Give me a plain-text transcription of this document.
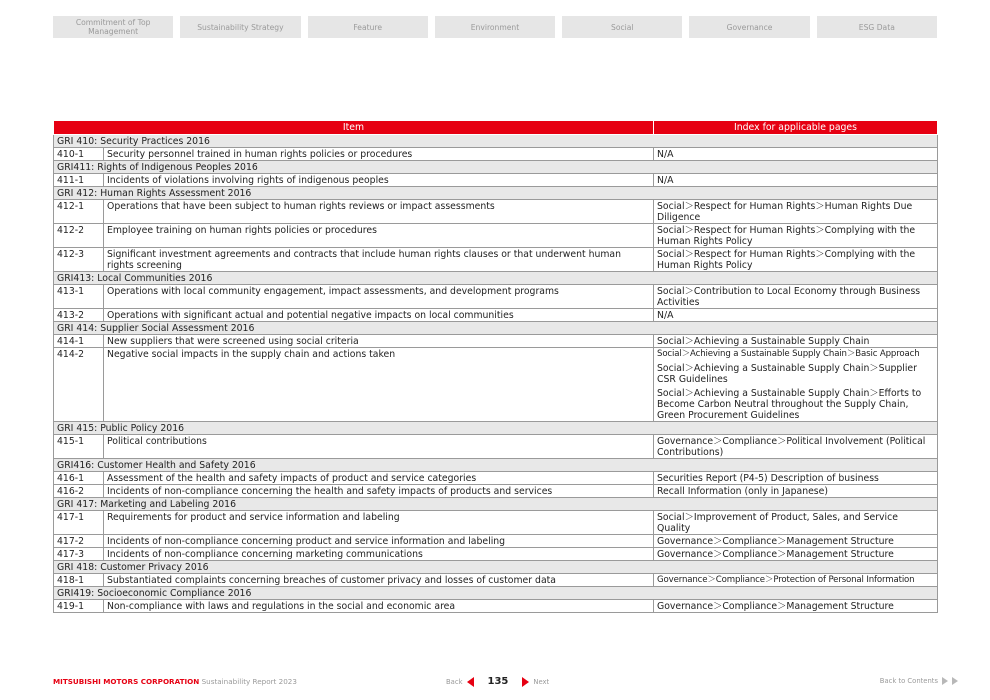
Commitment of Top Management	Sustainability Strategy	Feature	Environment	Social	Governance	ESG Data
Item		Index for applicable pages
GRI 410: Security Practices 2016		
410-1	Security personnel trained in human rights policies or procedures	N/A

GRI411: Rights of Indigenous Peoples 2016		
411-1	Incidents of violations involving rights of indigenous peoples	N/A

GRI 412: Human Rights Assessment 2016		
412-1	Operations that have been subject to human rights reviews or impact assessments	Social＞Respect for Human Rights＞Human Rights Due Diligence

412-2	Employee training on human rights policies or procedures	Social＞Respect for Human Rights＞Complying with the Human Rights Policy

412-3	Significant investment agreements and contracts that include human rights clauses or that underwent human rights screening	Social＞Respect for Human Rights＞Complying with the Human Rights Policy

GRI413: Local Communities 2016		
413-1	Operations with local community engagement, impact assessments, and development programs	Social＞Contribution to Local Economy through Business Activities

413-2	Operations with significant actual and potential negative impacts on local communities	N/A

GRI 414: Supplier Social Assessment 2016		
414-1	New suppliers that were screened using social criteria	Social＞Achieving a Sustainable Supply Chain

414-2	Negative social impacts in the supply chain and actions taken	Social＞Achieving a Sustainable Supply Chain＞Basic Approach
Social＞Achieving a Sustainable Supply Chain＞Supplier CSR Guidelines
Social＞Achieving a Sustainable Supply Chain＞Efforts to Become Carbon Neutral throughout the Supply Chain, Green Procurement Guidelines

GRI 415: Public Policy 2016		
415-1	Political contributions	Governance＞Compliance＞Political Involvement (Political Contributions)

GRI416: Customer Health and Safety 2016		
416-1	Assessment of the health and safety impacts of product and service categories	Securities Report (P4-5) Description of business

416-2	Incidents of non-compliance concerning the health and safety impacts of products and services	Recall Information (only in Japanese)

GRI 417: Marketing and Labeling 2016		
417-1	Requirements for product and service information and labeling	Social＞Improvement of Product, Sales, and Service Quality

417-2	Incidents of non-compliance concerning product and service information and labeling	Governance＞Compliance＞Management Structure

417-3	Incidents of non-compliance concerning marketing communications	Governance＞Compliance＞Management Structure

GRI 418: Customer Privacy 2016		
418-1	Substantiated complaints concerning breaches of customer privacy and losses of customer data	Governance＞Compliance＞Protection of Personal Information

GRI419: Socioeconomic Compliance 2016		
419-1	Non-compliance with laws and regulations in the social and economic area	Governance＞Compliance＞Management Structure
MITSUBISHI MOTORS CORPORATION Sustainability Report 2023	Back	135	Next	Back to Contents
